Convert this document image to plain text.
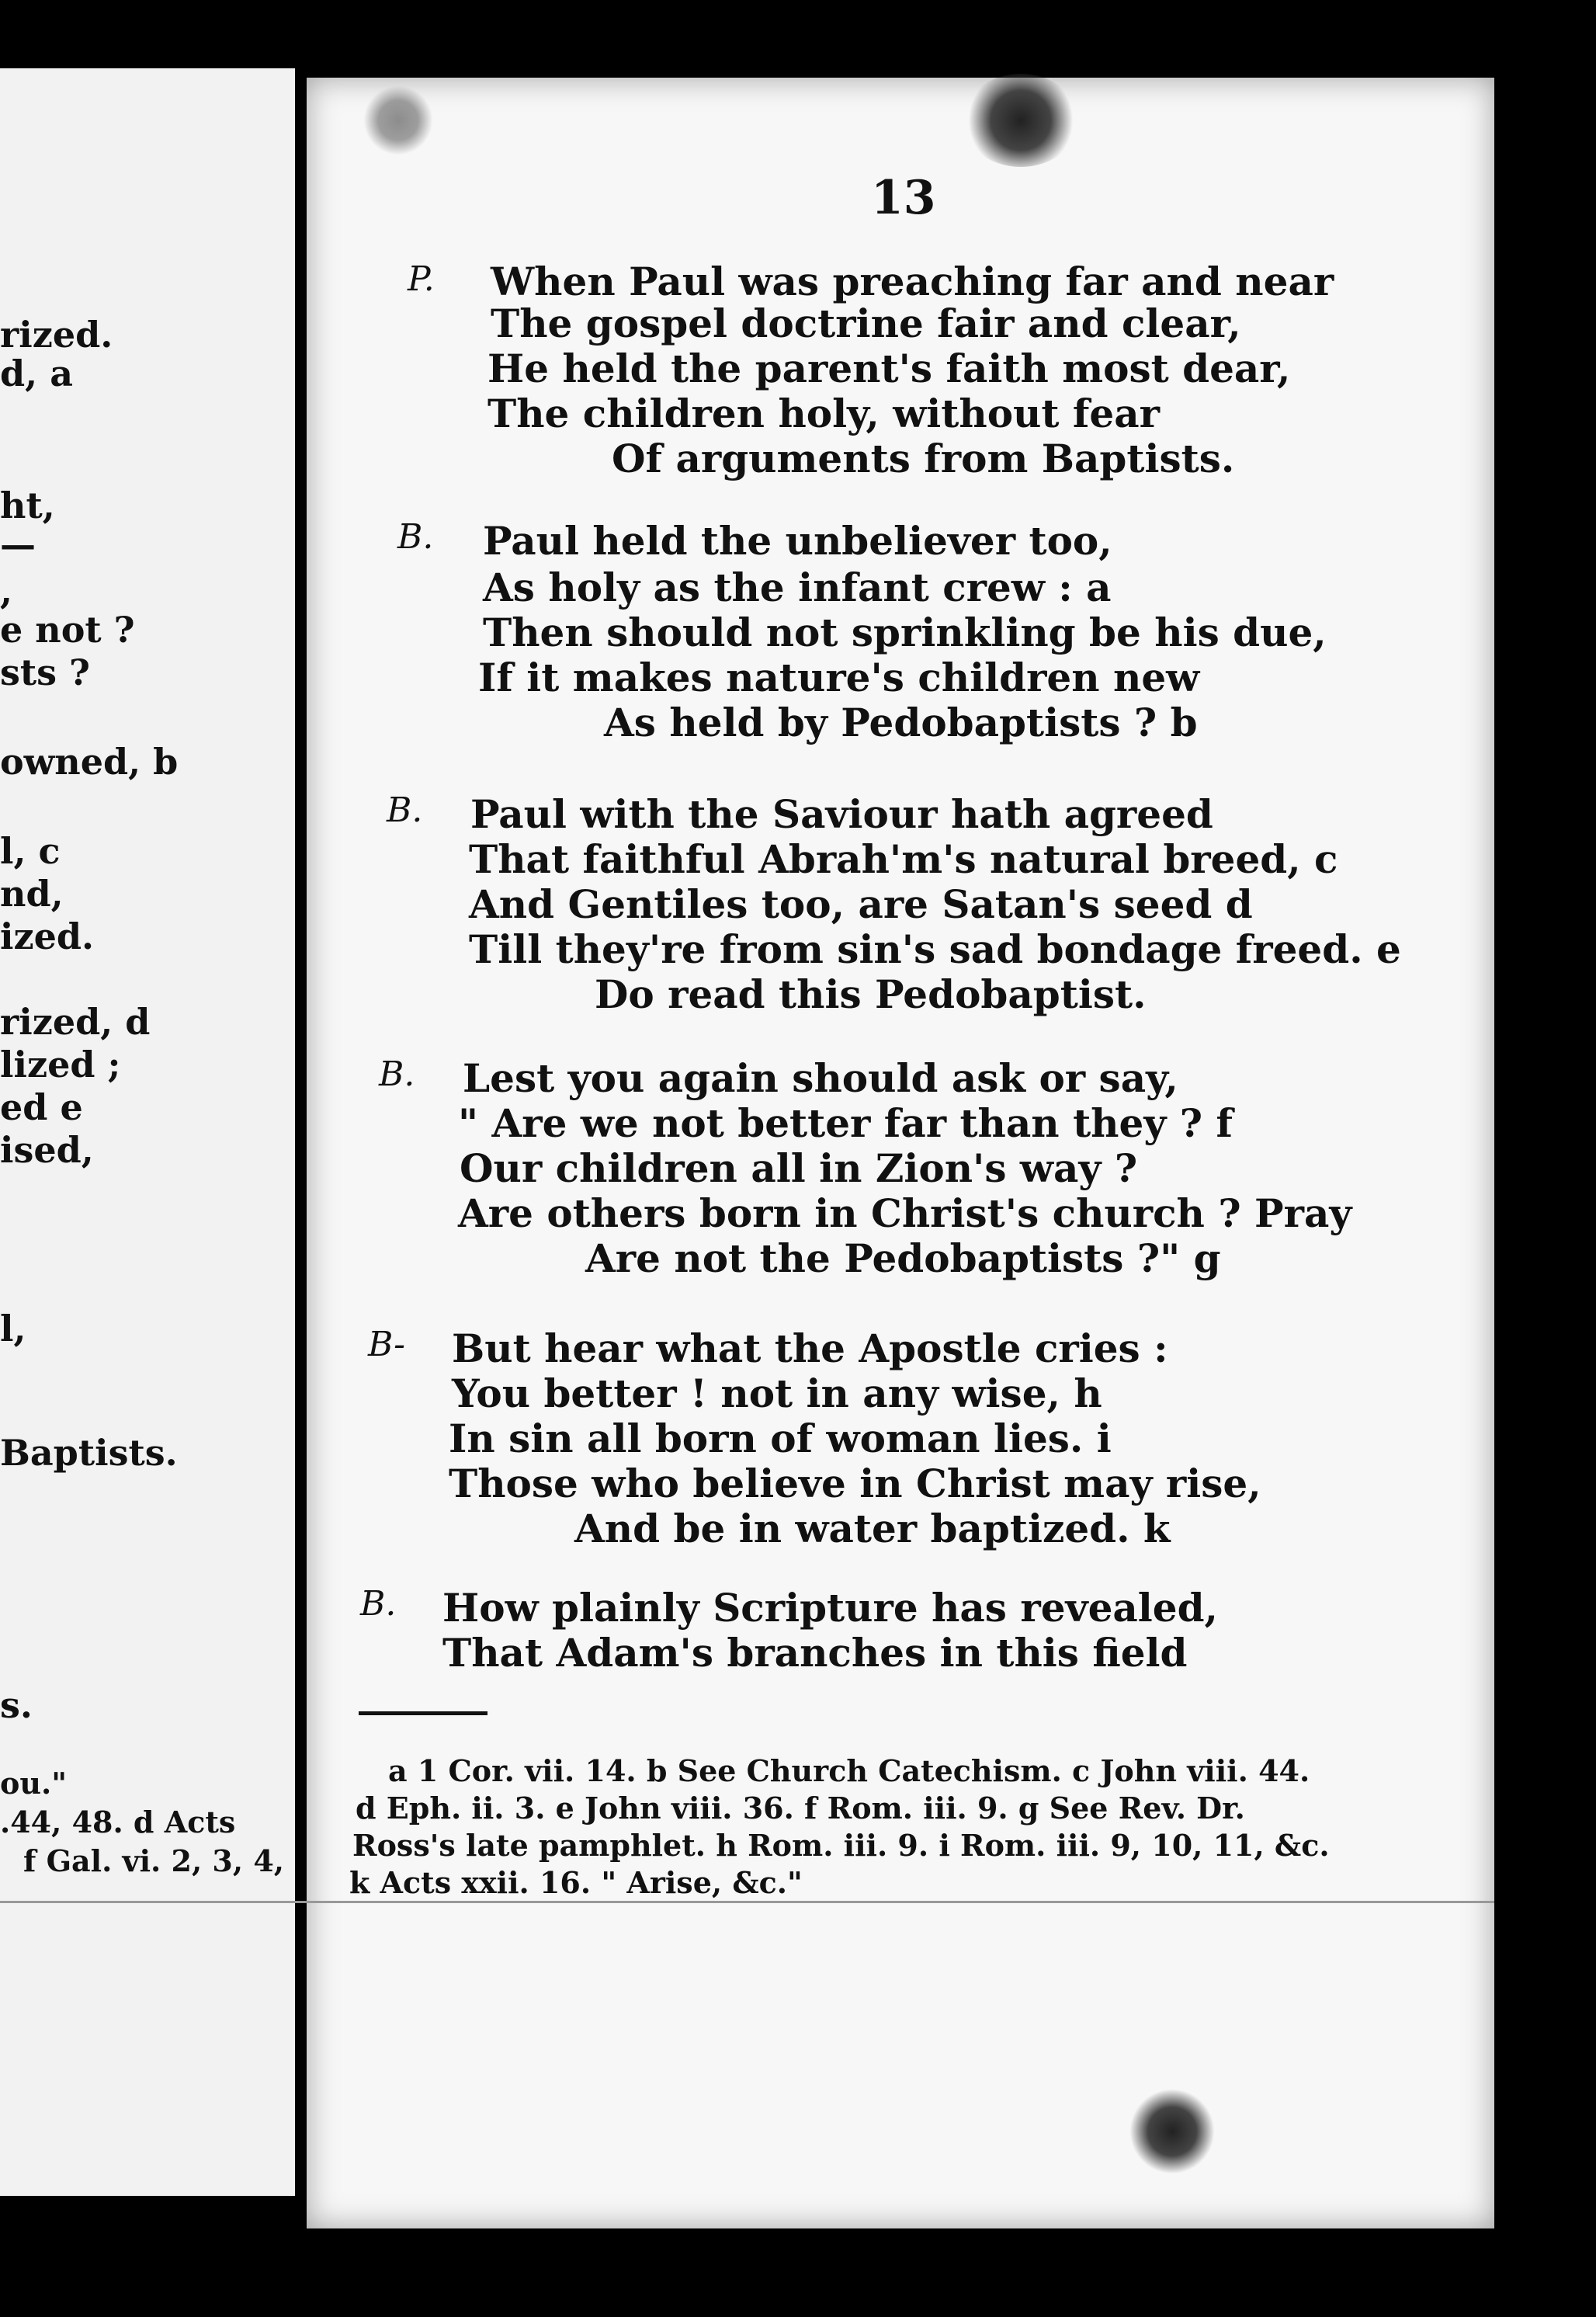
rized.
d, a
ht,
—
,
e not ?
sts ?
owned, b
l, c
nd,
ized.
rized, d
lized ;
ed e
ised,
l,
Baptists.
s.
ou."
.44, 48. d Acts
f Gal. vi. 2, 3, 4,
13
P. When Paul was preaching far and near
The gospel doctrine fair and clear,
He held the parent's faith most dear,
The children holy, without fear
Of arguments from Baptists.
B. Paul held the unbeliever too,
As holy as the infant crew : a
Then should not sprinkling be his due,
If it makes nature's children new
As held by Pedobaptists ? b
B. Paul with the Saviour hath agreed
That faithful Abrah'm's natural breed, c
And Gentiles too, are Satan's seed d
Till they're from sin's sad bondage freed. e
Do read this Pedobaptist.
B. Lest you again should ask or say,
" Are we not better far than they ? f
Our children all in Zion's way ?
Are others born in Christ's church ? Pray
Are not the Pedobaptists ?" g
B- But hear what the Apostle cries :
You better ! not in any wise, h
In sin all born of woman lies. i
Those who believe in Christ may rise,
And be in water baptized. k
B. How plainly Scripture has revealed,
That Adam's branches in this field
a 1 Cor. vii. 14. b See Church Catechism. c John viii. 44.
d Eph. ii. 3. e John viii. 36. f Rom. iii. 9. g See Rev. Dr.
Ross's late pamphlet. h Rom. iii. 9. i Rom. iii. 9, 10, 11, &c.
k Acts xxii. 16. " Arise, &c."
